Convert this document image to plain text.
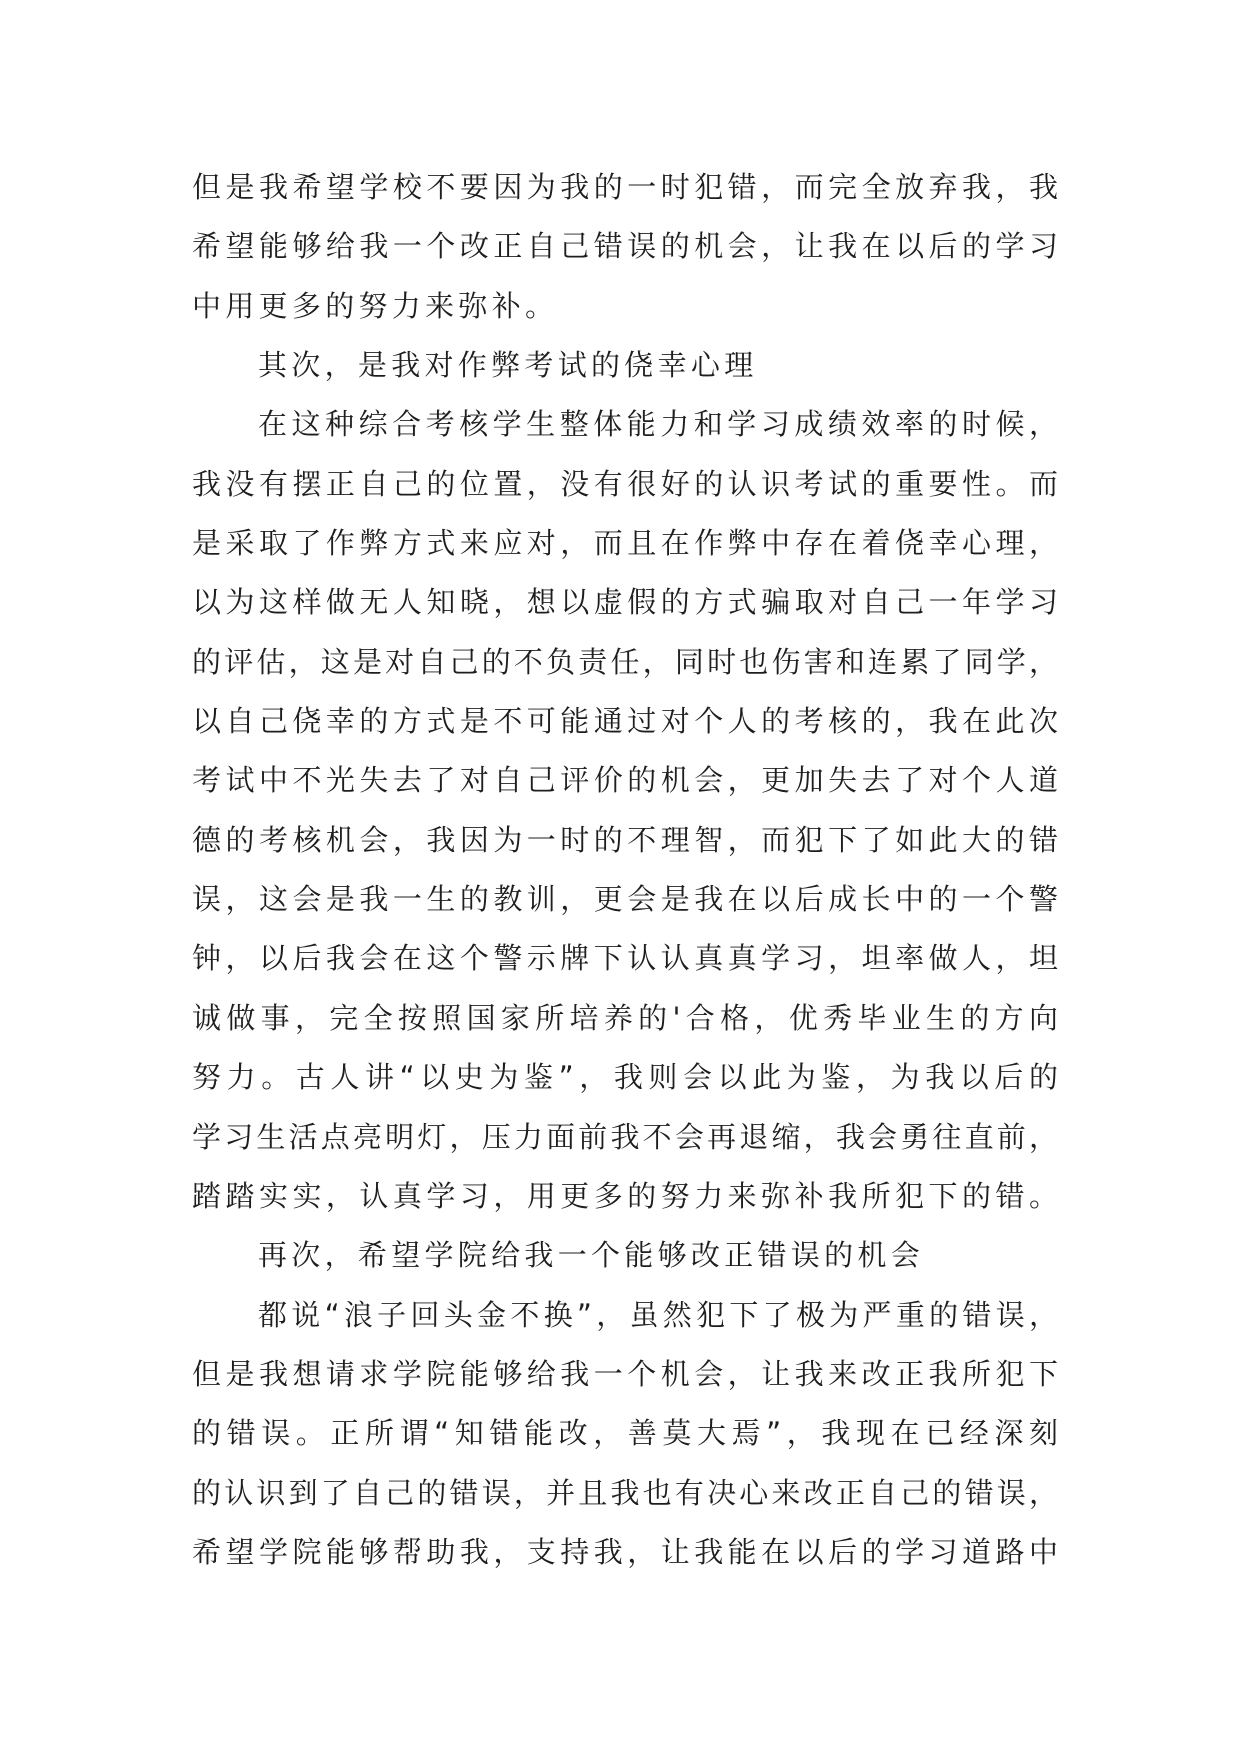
但是我希望学校不要因为我的一时犯错，而完全放弃我，我
希望能够给我一个改正自己错误的机会，让我在以后的学习
中用更多的努力来弥补。
其次，是我对作弊考试的侥幸心理
在这种综合考核学生整体能力和学习成绩效率的时候，
我没有摆正自己的位置，没有很好的认识考试的重要性。而
是采取了作弊方式来应对，而且在作弊中存在着侥幸心理，
以为这样做无人知晓，想以虚假的方式骗取对自己一年学习
的评估，这是对自己的不负责任，同时也伤害和连累了同学，
以自己侥幸的方式是不可能通过对个人的考核的，我在此次
考试中不光失去了对自己评价的机会，更加失去了对个人道
德的考核机会，我因为一时的不理智，而犯下了如此大的错
误，这会是我一生的教训，更会是我在以后成长中的一个警
钟，以后我会在这个警示牌下认认真真学习，坦率做人，坦
诚做事，完全按照国家所培养的'合格，优秀毕业生的方向
努力。古人讲“以史为鉴”，我则会以此为鉴，为我以后的
学习生活点亮明灯，压力面前我不会再退缩，我会勇往直前，
踏踏实实，认真学习，用更多的努力来弥补我所犯下的错。
再次，希望学院给我一个能够改正错误的机会
都说“浪子回头金不换”，虽然犯下了极为严重的错误，
但是我想请求学院能够给我一个机会，让我来改正我所犯下
的错误。正所谓“知错能改，善莫大焉”，我现在已经深刻
的认识到了自己的错误，并且我也有决心来改正自己的错误，
希望学院能够帮助我，支持我，让我能在以后的学习道路中
